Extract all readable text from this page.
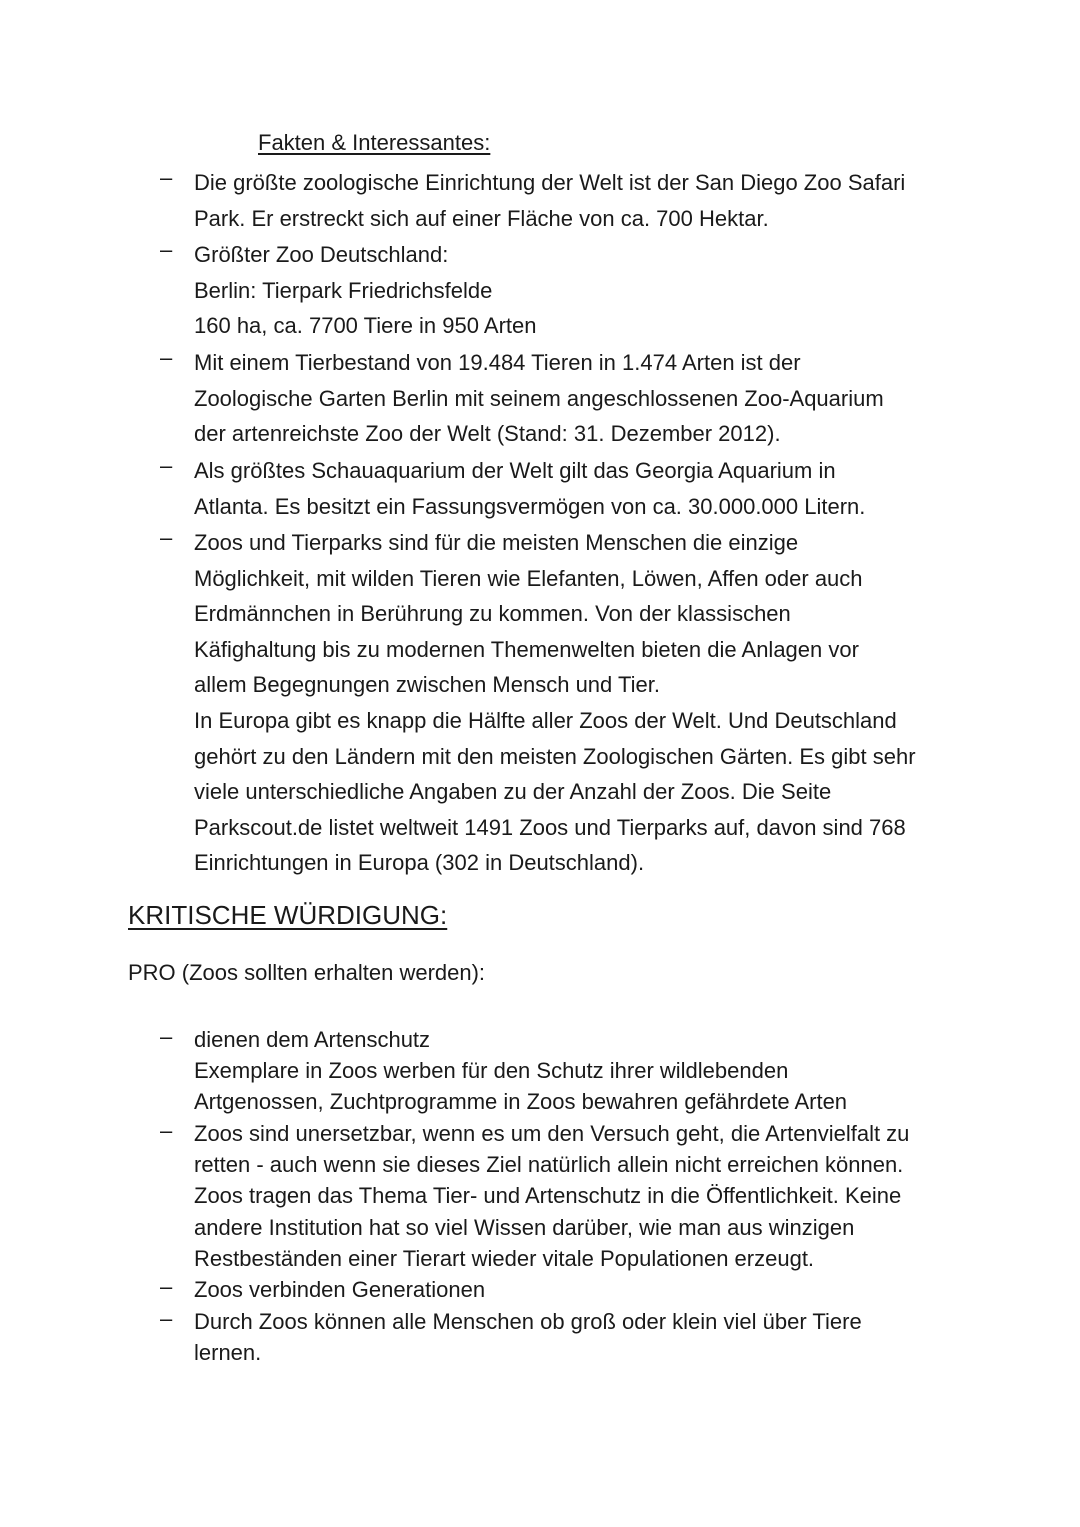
Fakten & Interessantes:
– Die größte zoologische Einrichtung der Welt ist der San Diego Zoo Safari
Park. Er erstreckt sich auf einer Fläche von ca. 700 Hektar.
– Größter Zoo Deutschland:
Berlin: Tierpark Friedrichsfelde
160 ha, ca. 7700 Tiere in 950 Arten
– Mit einem Tierbestand von 19.484 Tieren in 1.474 Arten ist der
Zoologische Garten Berlin mit seinem angeschlossenen Zoo-Aquarium
der artenreichste Zoo der Welt (Stand: 31. Dezember 2012).
– Als größtes Schauaquarium der Welt gilt das Georgia Aquarium in
Atlanta. Es besitzt ein Fassungsvermögen von ca. 30.000.000 Litern.
– Zoos und Tierparks sind für die meisten Menschen die einzige
Möglichkeit, mit wilden Tieren wie Elefanten, Löwen, Affen oder auch
Erdmännchen in Berührung zu kommen. Von der klassischen
Käfighaltung bis zu modernen Themenwelten bieten die Anlagen vor
allem Begegnungen zwischen Mensch und Tier.
In Europa gibt es knapp die Hälfte aller Zoos der Welt. Und Deutschland
gehört zu den Ländern mit den meisten Zoologischen Gärten. Es gibt sehr
viele unterschiedliche Angaben zu der Anzahl der Zoos. Die Seite
Parkscout.de listet weltweit 1491 Zoos und Tierparks auf, davon sind 768
Einrichtungen in Europa (302 in Deutschland).
KRITISCHE WÜRDIGUNG:
PRO (Zoos sollten erhalten werden):
– dienen dem Artenschutz
Exemplare in Zoos werben für den Schutz ihrer wildlebenden
Artgenossen, Zuchtprogramme in Zoos bewahren gefährdete Arten
– Zoos sind unersetzbar, wenn es um den Versuch geht, die Artenvielfalt zu
retten - auch wenn sie dieses Ziel natürlich allein nicht erreichen können.
Zoos tragen das Thema Tier- und Artenschutz in die Öffentlichkeit. Keine
andere Institution hat so viel Wissen darüber, wie man aus winzigen
Restbeständen einer Tierart wieder vitale Populationen erzeugt.
– Zoos verbinden Generationen
– Durch Zoos können alle Menschen ob groß oder klein viel über Tiere
lernen.
